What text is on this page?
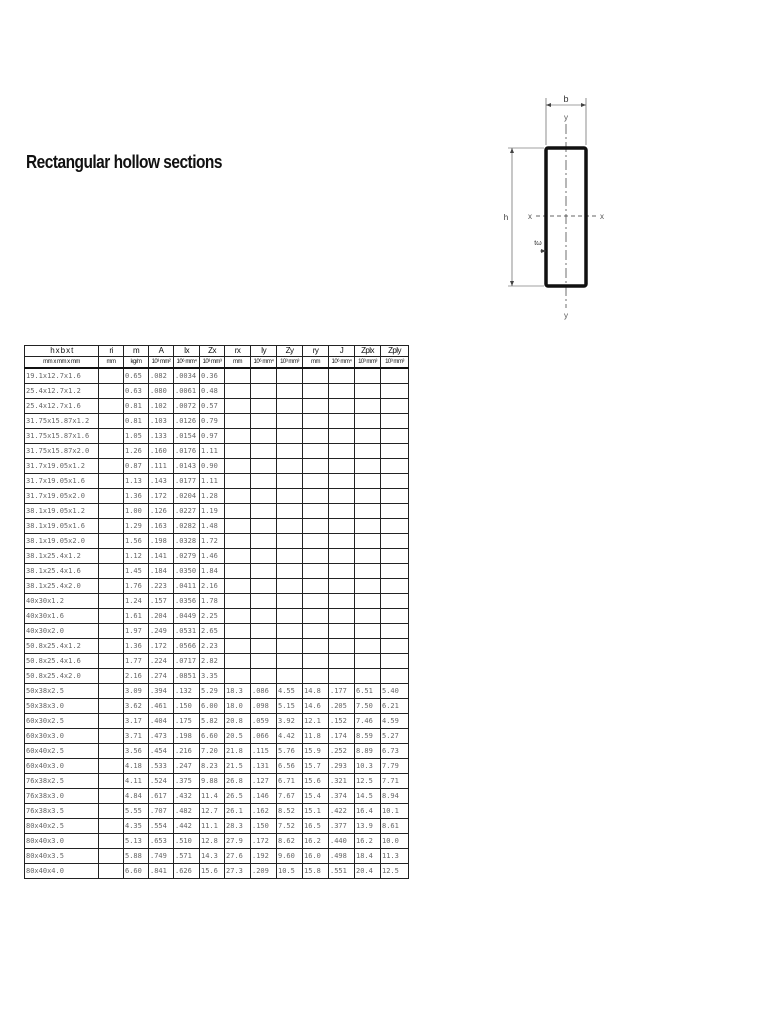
Rectangular hollow sections
b
y
y
x	x
h
tω
h x b x t	ri	m	A	Ix	Zx	rx	Iy	Zy	ry	J	Zplx	Zply
mm x mm x mm	mm	kg/m	10³ mm²	10⁶ mm⁴	10³ mm³	mm	10⁶ mm⁴	10³ mm³	mm	10⁶ mm⁴	10³ mm³	10³ mm³
19.1x12.7x1.6		0.65	.082	.0034	0.36							
25.4x12.7x1.2		0.63	.080	.0061	0.48							
25.4x12.7x1.6		0.81	.102	.0072	0.57							
31.75x15.87x1.2		0.81	.103	.0126	0.79							
31.75x15.87x1.6		1.05	.133	.0154	0.97							
31.75x15.87x2.0		1.26	.160	.0176	1.11							
31.7x19.05x1.2		0.87	.111	.0143	0.90							
31.7x19.05x1.6		1.13	.143	.0177	1.11							
31.7x19.05x2.0		1.36	.172	.0204	1.28							
38.1x19.05x1.2		1.00	.126	.0227	1.19							
38.1x19.05x1.6		1.29	.163	.0282	1.48							
38.1x19.05x2.0		1.56	.198	.0328	1.72							
38.1x25.4x1.2		1.12	.141	.0279	1.46							
38.1x25.4x1.6		1.45	.184	.0350	1.84							
38.1x25.4x2.0		1.76	.223	.0411	2.16							
40x30x1.2		1.24	.157	.0356	1.78							
40x30x1.6		1.61	.204	.0449	2.25							
40x30x2.0		1.97	.249	.0531	2.65							
50.8x25.4x1.2		1.36	.172	.0566	2.23							
50.8x25.4x1.6		1.77	.224	.0717	2.82							
50.8x25.4x2.0		2.16	.274	.0851	3.35							
50x38x2.5		3.09	.394	.132	5.29	18.3	.086	4.55	14.8	.177	6.51	5.40
50x38x3.0		3.62	.461	.150	6.00	18.0	.098	5.15	14.6	.205	7.50	6.21
60x30x2.5		3.17	.404	.175	5.82	20.8	.059	3.92	12.1	.152	7.46	4.59
60x30x3.0		3.71	.473	.198	6.60	20.5	.066	4.42	11.8	.174	8.59	5.27
60x40x2.5		3.56	.454	.216	7.20	21.8	.115	5.76	15.9	.252	8.89	6.73
60x40x3.0		4.18	.533	.247	8.23	21.5	.131	6.56	15.7	.293	10.3	7.79
76x38x2.5		4.11	.524	.375	9.88	26.8	.127	6.71	15.6	.321	12.5	7.71
76x38x3.0		4.84	.617	.432	11.4	26.5	.146	7.67	15.4	.374	14.5	8.94
76x38x3.5		5.55	.707	.482	12.7	26.1	.162	8.52	15.1	.422	16.4	10.1
80x40x2.5		4.35	.554	.442	11.1	28.3	.150	7.52	16.5	.377	13.9	8.61
80x40x3.0		5.13	.653	.510	12.8	27.9	.172	8.62	16.2	.440	16.2	10.0
80x40x3.5		5.88	.749	.571	14.3	27.6	.192	9.60	16.0	.498	18.4	11.3
80x40x4.0		6.60	.841	.626	15.6	27.3	.209	10.5	15.8	.551	20.4	12.5
